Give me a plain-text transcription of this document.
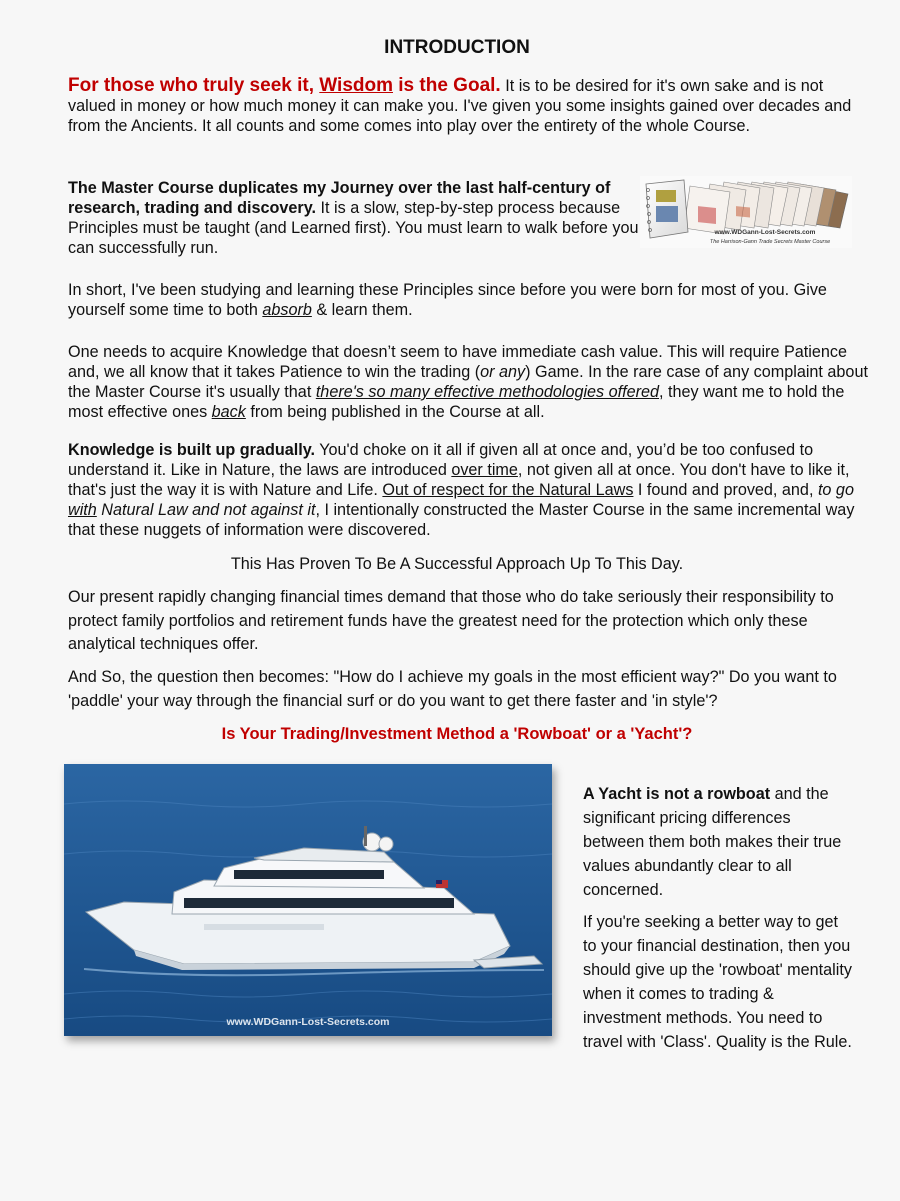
INTRODUCTION

For those who truly seek it, Wisdom is the Goal. It is to be desired for it's own sake and is not valued in money or how much money it can make you. I've given you some insights gained over decades and from the Ancients. It all counts and some comes into play over the entirety of the whole Course.

The Master Course duplicates my Journey over the last half-century of research, trading and discovery. It is a slow, step-by-step process because Principles must be taught (and Learned first). You must learn to walk before you can successfully run.

www.WDGann-Lost-Secrets.com
The Harrison-Gann Trade Secrets Master Course

In short, I've been studying and learning these Principles since before you were born for most of you. Give yourself some time to both absorb & learn them.

One needs to acquire Knowledge that doesn’t seem to have immediate cash value. This will require Patience and, we all know that it takes Patience to win the trading (or any) Game. In the rare case of any complaint about the Master Course it's usually that there's so many effective methodologies offered, they want me to hold the most effective ones back from being published in the Course at all.

Knowledge is built up gradually. You'd choke on it all if given all at once and, you’d be too confused to understand it. Like in Nature, the laws are introduced over time, not given all at once. You don't have to like it, that's just the way it is with Nature and Life. Out of respect for the Natural Laws I found and proved, and, to go with Natural Law and not against it, I intentionally constructed the Master Course in the same incremental way that these nuggets of information were discovered.

This Has Proven To Be A Successful Approach Up To This Day.

Our present rapidly changing financial times demand that those who do take seriously their responsibility to protect family portfolios and retirement funds have the greatest need for the protection which only these analytical techniques offer.

And So, the question then becomes: "How do I achieve my goals in the most efficient way?" Do you want to 'paddle' your way through the financial surf or do you want to get there faster and 'in style'?

Is Your Trading/Investment Method a 'Rowboat' or a 'Yacht'?

www.WDGann-Lost-Secrets.com

A Yacht is not a rowboat and the significant pricing differences between them both makes their true values abundantly clear to all concerned.

If you're seeking a better way to get to your financial destination, then you should give up the 'rowboat' mentality when it comes to trading & investment methods. You need to travel with 'Class'. Quality is the Rule.
